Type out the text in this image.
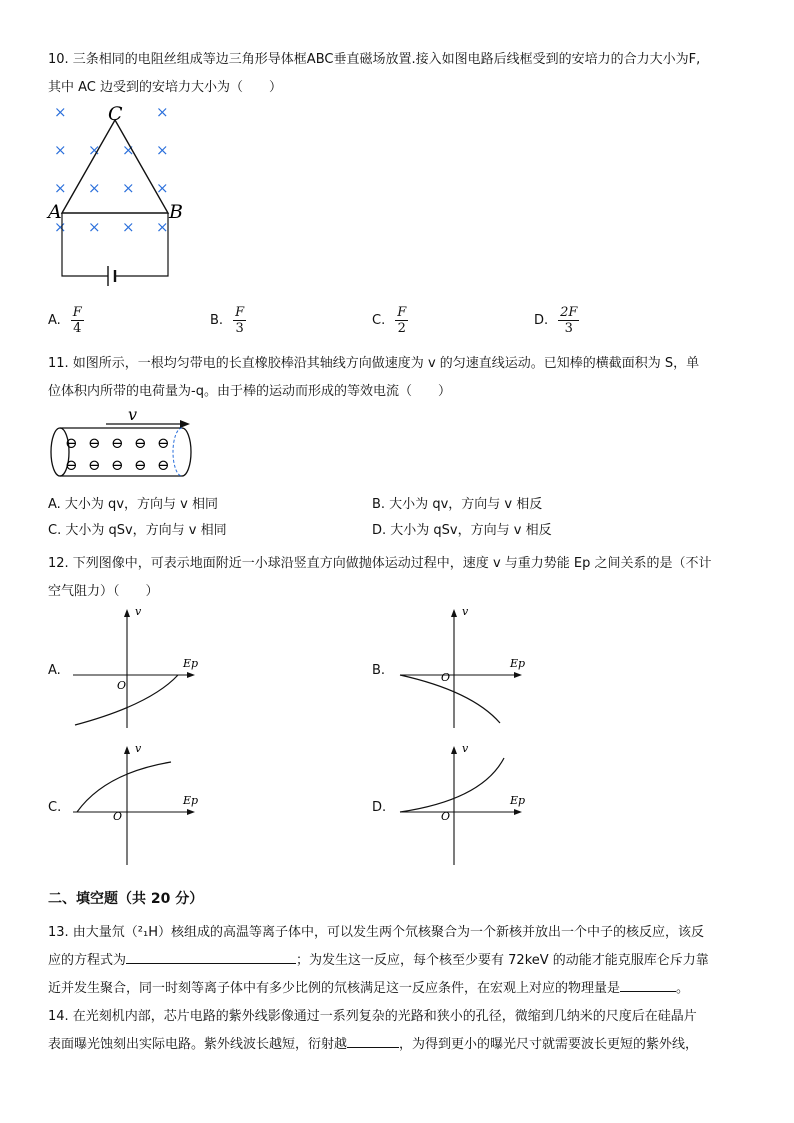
10. 三条相同的电阻丝组成等边三角形导体框ABC垂直磁场放置.接入如图电路后线框受到的安培力的合力大小为F,
其中 AC 边受到的安培力大小为（　　）
×	×
× × × ×
× × × ×
× × × ×
C
A	B
A. $\frac{F}{4}$	B. $\frac{F}{3}$	C. $\frac{F}{2}$	D. $\frac{2F}{3}$
11. 如图所示，一根均匀带电的长直橡胶棒沿其轴线方向做速度为 v 的匀速直线运动。已知棒的横截面积为 S，单
位体积内所带的电荷量为-q。由于棒的运动而形成的等效电流（　　）
v
⊖ ⊖ ⊖ ⊖ ⊖
⊖ ⊖ ⊖ ⊖ ⊖
A. 大小为 qv，方向与 v 相同	B. 大小为 qv，方向与 v 相反
C. 大小为 qSv，方向与 v 相同	D. 大小为 qSv，方向与 v 相反
12. 下列图像中，可表示地面附近一小球沿竖直方向做抛体运动过程中，速度 v 与重力势能 Ep 之间关系的是（不计
空气阻力）（　　）
A.
v
Ep
O
B.
v
Ep
O
C.
v
Ep
O
D.
v
Ep
O
二、填空题（共 20 分）
13. 由大量氘（²₁H）核组成的高温等离子体中，可以发生两个氘核聚合为一个新核并放出一个中子的核反应，该反
应的方程式为	；为发生这一反应，每个核至少要有 72keV 的动能才能克服库仑斥力靠
近并发生聚合，同一时刻等离子体中有多少比例的氘核满足这一反应条件，在宏观上对应的物理量是	。
14. 在光刻机内部，芯片电路的紫外线影像通过一系列复杂的光路和狭小的孔径，微缩到几纳米的尺度后在硅晶片
表面曝光蚀刻出实际电路。紫外线波长越短，衍射越	，为得到更小的曝光尺寸就需要波长更短的紫外线，
